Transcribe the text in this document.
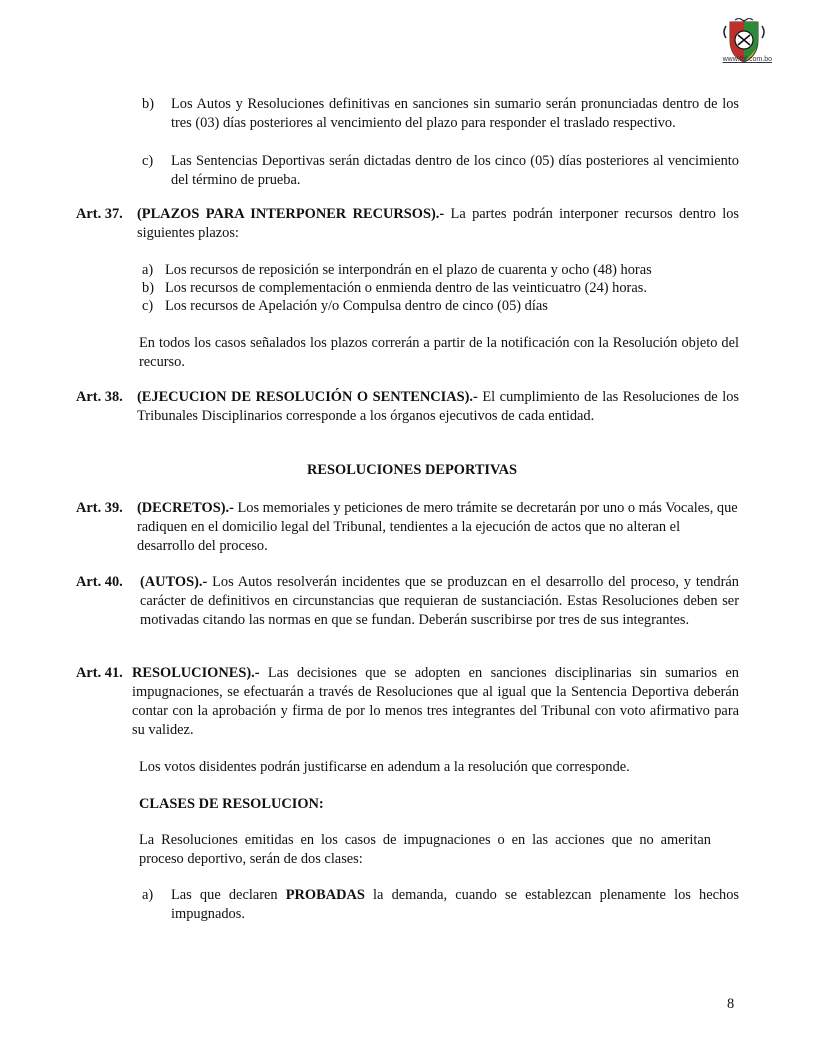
www.fbf.com.bo
b) Los Autos y Resoluciones definitivas en sanciones sin sumario serán pronunciadas dentro de los tres (03) días posteriores al vencimiento del plazo para responder el traslado respectivo.
c) Las Sentencias Deportivas serán dictadas dentro de los cinco (05) días posteriores al vencimiento del término de prueba.
Art. 37. (PLAZOS PARA INTERPONER RECURSOS).- La partes podrán interponer recursos dentro los siguientes plazos:
a) Los recursos de reposición se interpondrán en el plazo de cuarenta y ocho (48) horas
b) Los recursos de complementación o enmienda dentro de las veinticuatro (24) horas.
c) Los recursos de Apelación y/o Compulsa dentro de cinco (05) días
En todos los casos señalados los plazos correrán a partir de la notificación con la Resolución objeto del recurso.
Art. 38. (EJECUCION DE RESOLUCIÓN O SENTENCIAS).- El cumplimiento de las Resoluciones de los Tribunales Disciplinarios corresponde a los órganos ejecutivos de cada entidad.
RESOLUCIONES DEPORTIVAS
Art. 39. (DECRETOS).- Los memoriales y peticiones de mero trámite se decretarán por uno o más Vocales, que radiquen en el domicilio legal del Tribunal, tendientes a la ejecución de actos que no alteran el desarrollo del proceso.
Art. 40. (AUTOS).- Los Autos resolverán incidentes que se produzcan en el desarrollo del proceso, y tendrán carácter de definitivos en circunstancias que requieran de sustanciación. Estas Resoluciones deben ser motivadas citando las normas en que se fundan. Deberán suscribirse por tres de sus integrantes.
Art. 41. RESOLUCIONES).- Las decisiones que se adopten en sanciones disciplinarias sin sumarios en impugnaciones, se efectuarán a través de Resoluciones que al igual que la Sentencia Deportiva deberán contar con la aprobación y firma de por lo menos tres integrantes del Tribunal con voto afirmativo para su validez.
Los votos disidentes podrán justificarse en adendum a la resolución que corresponde.
CLASES DE RESOLUCION:
La Resoluciones emitidas en los casos de impugnaciones o en las acciones que no ameritan proceso deportivo, serán de dos clases:
a) Las que declaren PROBADAS la demanda, cuando se establezcan plenamente los hechos impugnados.
8
